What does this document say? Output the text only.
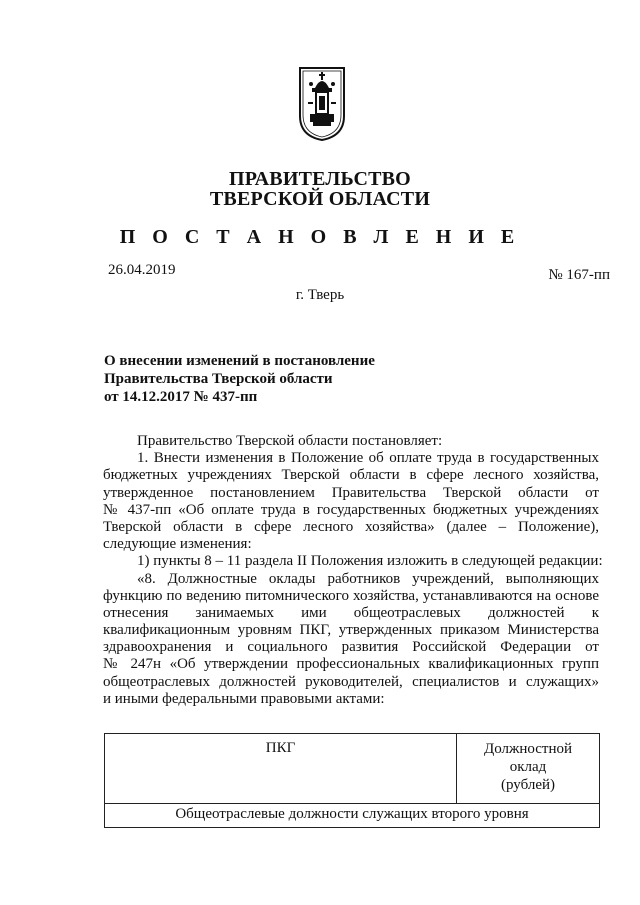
ПРАВИТЕЛЬСТВО
ТВЕРСКОЙ ОБЛАСТИ
П О С Т А Н О В Л Е Н И Е
26.04.2019	№ 167-пп
г. Тверь
О внесении изменений в постановление
Правительства Тверской области
от 14.12.2017 № 437-пп
Правительство Тверской области постановляет:
1. Внести изменения в Положение об оплате труда в государственных
бюджетных учреждениях Тверской области в сфере лесного хозяйства,
утвержденное постановлением Правительства Тверской области от
№ 437-пп «Об оплате труда в государственных бюджетных учреждениях
Тверской области в сфере лесного хозяйства» (далее – Положение),
следующие изменения:
1) пункты 8 – 11 раздела II Положения изложить в следующей редакции:
«8. Должностные оклады работников учреждений, выполняющих
функцию по ведению питомнического хозяйства, устанавливаются на основе
отнесения занимаемых ими общеотраслевых должностей к
квалификационным уровням ПКГ, утвержденных приказом Министерства
здравоохранения и социального развития Российской Федерации от
№ 247н «Об утверждении профессиональных квалификационных групп
общеотраслевых должностей руководителей, специалистов и служащих»
и иными федеральными правовыми актами:
ПКГ	Должностной
оклад
(рублей)

Общеотраслевые должности служащих второго уровня
